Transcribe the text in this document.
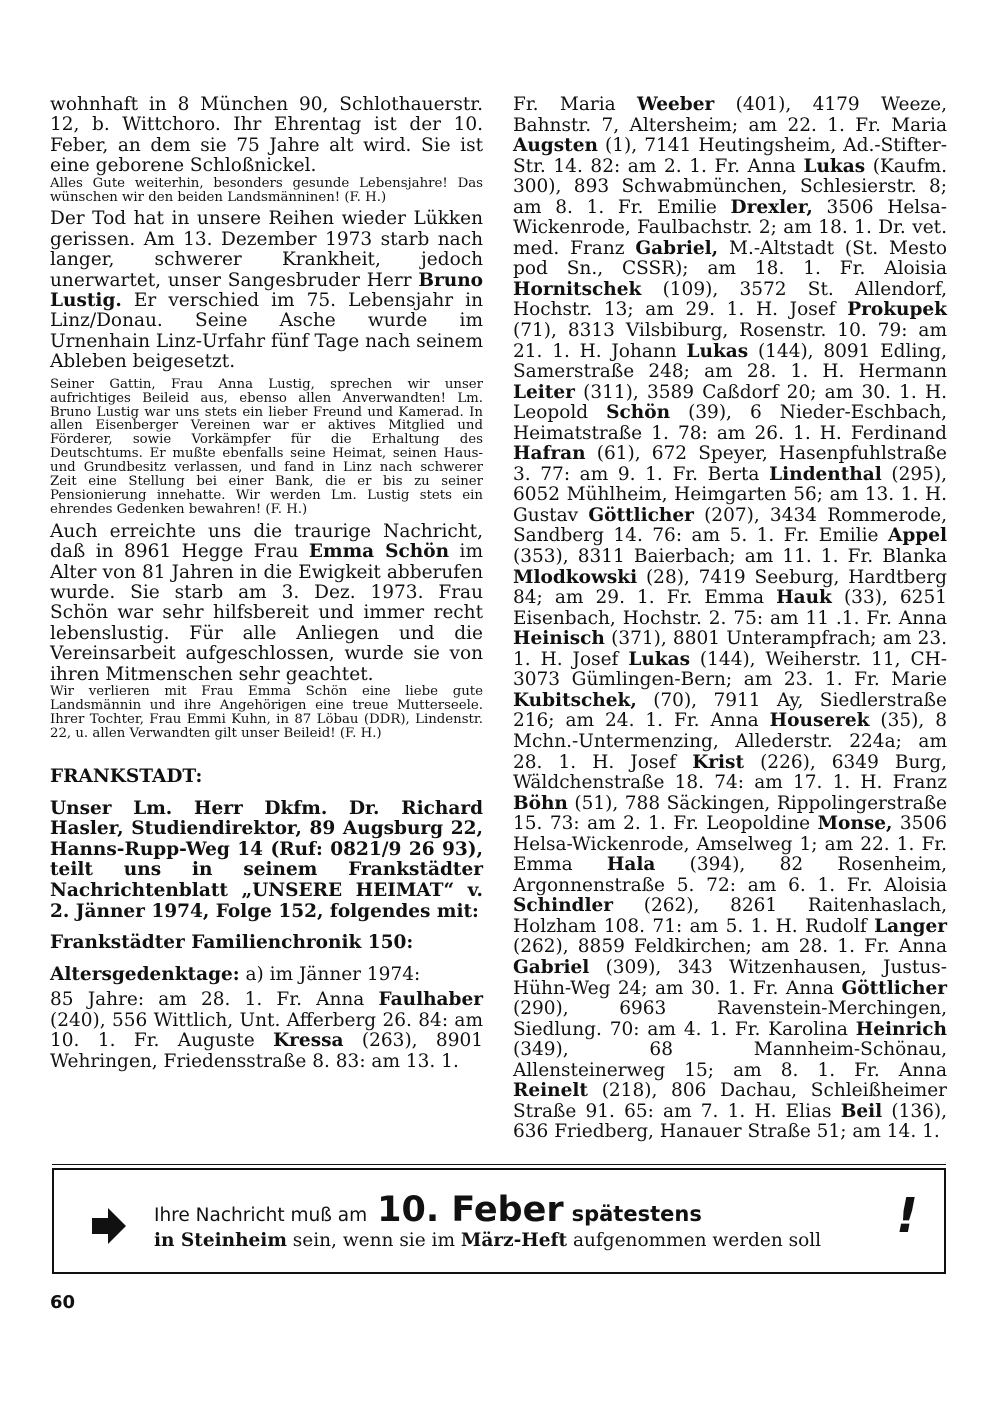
wohnhaft in 8 München 90, Schlothauerstr. 12, b. Wittchoro. Ihr Ehrentag ist der 10. Feber, an dem sie 75 Jahre alt wird. Sie ist eine geborene Schloßnickel.

Alles Gute weiterhin, besonders gesunde Lebensjahre! Das wünschen wir den beiden Landsmänninen! (F. H.)

Der Tod hat in unsere Reihen wieder Lükken gerissen. Am 13. Dezember 1973 starb nach langer, schwerer Krankheit, jedoch unerwartet, unser Sangesbruder Herr Bruno Lustig. Er verschied im 75. Lebensjahr in Linz/Donau. Seine Asche wurde im Urnenhain Linz-Urfahr fünf Tage nach seinem Ableben beigesetzt.

Seiner Gattin, Frau Anna Lustig, sprechen wir unser aufrichtiges Beileid aus, ebenso allen Anverwandten! Lm. Bruno Lustig war uns stets ein lieber Freund und Kamerad. In allen Eisenberger Vereinen war er aktives Mitglied und Förderer, sowie Vorkämpfer für die Erhaltung des Deutschtums. Er mußte ebenfalls seine Heimat, seinen Haus- und Grundbesitz verlassen, und fand in Linz nach schwerer Zeit eine Stellung bei einer Bank, die er bis zu seiner Pensionierung innehatte. Wir werden Lm. Lustig stets ein ehrendes Gedenken bewahren! (F. H.)

Auch erreichte uns die traurige Nachricht, daß in 8961 Hegge Frau Emma Schön im Alter von 81 Jahren in die Ewigkeit abberufen wurde. Sie starb am 3. Dez. 1973. Frau Schön war sehr hilfsbereit und immer recht lebenslustig. Für alle Anliegen und die Vereinsarbeit aufgeschlossen, wurde sie von ihren Mitmenschen sehr geachtet.

Wir verlieren mit Frau Emma Schön eine liebe gute Landsmännin und ihre Angehörigen eine treue Mutterseele. Ihrer Tochter, Frau Emmi Kuhn, in 87 Löbau (DDR), Lindenstr. 22, u. allen Verwandten gilt unser Beileid! (F. H.)

FRANKSTADT:

Unser Lm. Herr Dkfm. Dr. Richard Hasler, Studiendirektor, 89 Augsburg 22, Hanns-Rupp-Weg 14 (Ruf: 0821/9 26 93), teilt uns in seinem Frankstädter Nachrichtenblatt „UNSERE HEIMAT“ v. 2. Jänner 1974, Folge 152, folgendes mit:

Frankstädter Familienchronik 150:

Altersgedenktage: a) im Jänner 1974:

85 Jahre: am 28. 1. Fr. Anna Faulhaber (240), 556 Wittlich, Unt. Afferberg 26. 84: am 10. 1. Fr. Auguste Kressa (263), 8901 Wehringen, Friedensstraße 8. 83: am 13. 1.

Fr. Maria Weeber (401), 4179 Weeze, Bahnstr. 7, Altersheim; am 22. 1. Fr. Maria Augsten (1), 7141 Heutingsheim, Ad.-Stifter-Str. 14. 82: am 2. 1. Fr. Anna Lukas (Kaufm. 300), 893 Schwabmünchen, Schlesierstr. 8; am 8. 1. Fr. Emilie Drexler, 3506 Helsa-Wickenrode, Faulbachstr. 2; am 18. 1. Dr. vet. med. Franz Gabriel, M.-Altstadt (St. Mesto pod Sn., CSSR); am 18. 1. Fr. Aloisia Hornitschek (109), 3572 St. Allendorf, Hochstr. 13; am 29. 1. H. Josef Prokupek (71), 8313 Vilsbiburg, Rosenstr. 10. 79: am 21. 1. H. Johann Lukas (144), 8091 Edling, Samerstraße 248; am 28. 1. H. Hermann Leiter (311), 3589 Caßdorf 20; am 30. 1. H. Leopold Schön (39), 6 Nieder-Eschbach, Heimatstraße 1. 78: am 26. 1. H. Ferdinand Hafran (61), 672 Speyer, Hasenpfuhlstraße 3. 77: am 9. 1. Fr. Berta Lindenthal (295), 6052 Mühlheim, Heimgarten 56; am 13. 1. H. Gustav Göttlicher (207), 3434 Rommerode, Sandberg 14. 76: am 5. 1. Fr. Emilie Appel (353), 8311 Baierbach; am 11. 1. Fr. Blanka Mlodkowski (28), 7419 Seeburg, Hardtberg 84; am 29. 1. Fr. Emma Hauk (33), 6251 Eisenbach, Hochstr. 2. 75: am 11 .1. Fr. Anna Heinisch (371), 8801 Unterampfrach; am 23. 1. H. Josef Lukas (144), Weiherstr. 11, CH-3073 Gümlingen-Bern; am 23. 1. Fr. Marie Kubitschek, (70), 7911 Ay, Siedlerstraße 216; am 24. 1. Fr. Anna Houserek (35), 8 Mchn.-Untermenzing, Allederstr. 224a; am 28. 1. H. Josef Krist (226), 6349 Burg, Wäldchenstraße 18. 74: am 17. 1. H. Franz Böhn (51), 788 Säckingen, Rippolingerstraße 15. 73: am 2. 1. Fr. Leopoldine Monse, 3506 Helsa-Wickenrode, Amselweg 1; am 22. 1. Fr. Emma Hala (394), 82 Rosenheim, Argonnenstraße 5. 72: am 6. 1. Fr. Aloisia Schindler (262), 8261 Raitenhaslach, Holzham 108. 71: am 5. 1. H. Rudolf Langer (262), 8859 Feldkirchen; am 28. 1. Fr. Anna Gabriel (309), 343 Witzenhausen, Justus-Hühn-Weg 24; am 30. 1. Fr. Anna Göttlicher (290), 6963 Ravenstein-Merchingen, Siedlung. 70: am 4. 1. Fr. Karolina Heinrich (349), 68 Mannheim-Schönau, Allensteinerweg 15; am 8. 1. Fr. Anna Reinelt (218), 806 Dachau, Schleißheimer Straße 91. 65: am 7. 1. H. Elias Beil (136), 636 Friedberg, Hanauer Straße 51; am 14. 1.

Ihre Nachricht muß am 10. Feber spätestens
in Steinheim sein, wenn sie im März-Heft aufgenommen werden soll !
60
